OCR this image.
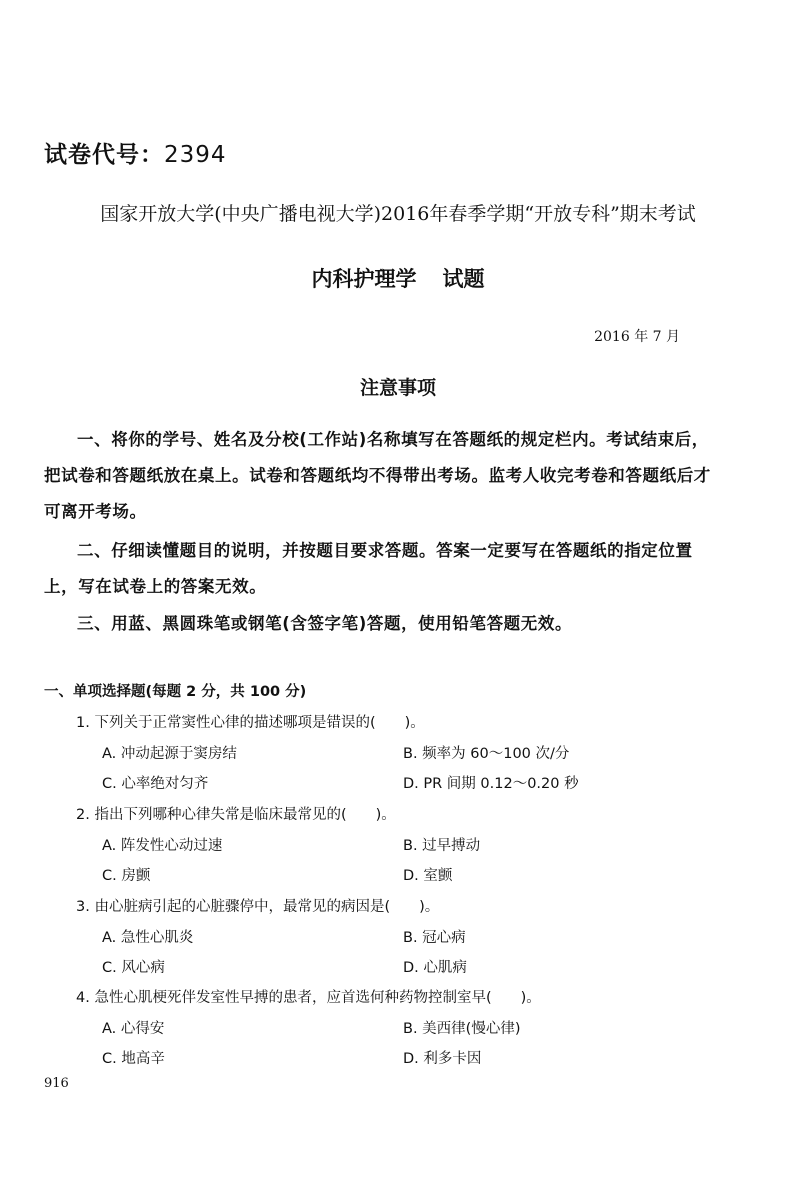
试卷代号：2394
国家开放大学(中央广播电视大学)2016年春季学期“开放专科”期末考试
内科护理学 试题
2016 年 7 月
注意事项

一、将你的学号、姓名及分校(工作站)名称填写在答题纸的规定栏内。考试结束后，把试卷和答题纸放在桌上。试卷和答题纸均不得带出考场。监考人收完考卷和答题纸后才可离开考场。

二、仔细读懂题目的说明，并按题目要求答题。答案一定要写在答题纸的指定位置上，写在试卷上的答案无效。

三、用蓝、黑圆珠笔或钢笔(含签字笔)答题，使用铅笔答题无效。

一、单项选择题(每题 2 分，共 100 分)
1. 下列关于正常窦性心律的描述哪项是错误的(　　)。
A. 冲动起源于窦房结	B. 频率为 60～100 次/分
C. 心率绝对匀齐	D. PR 间期 0.12～0.20 秒
2. 指出下列哪种心律失常是临床最常见的(　　)。
A. 阵发性心动过速	B. 过早搏动
C. 房颤	D. 室颤
3. 由心脏病引起的心脏骤停中，最常见的病因是(　　)。
A. 急性心肌炎	B. 冠心病
C. 风心病	D. 心肌病
4. 急性心肌梗死伴发室性早搏的患者，应首选何种药物控制室早(　　)。
A. 心得安	B. 美西律(慢心律)
C. 地高辛	D. 利多卡因
916
